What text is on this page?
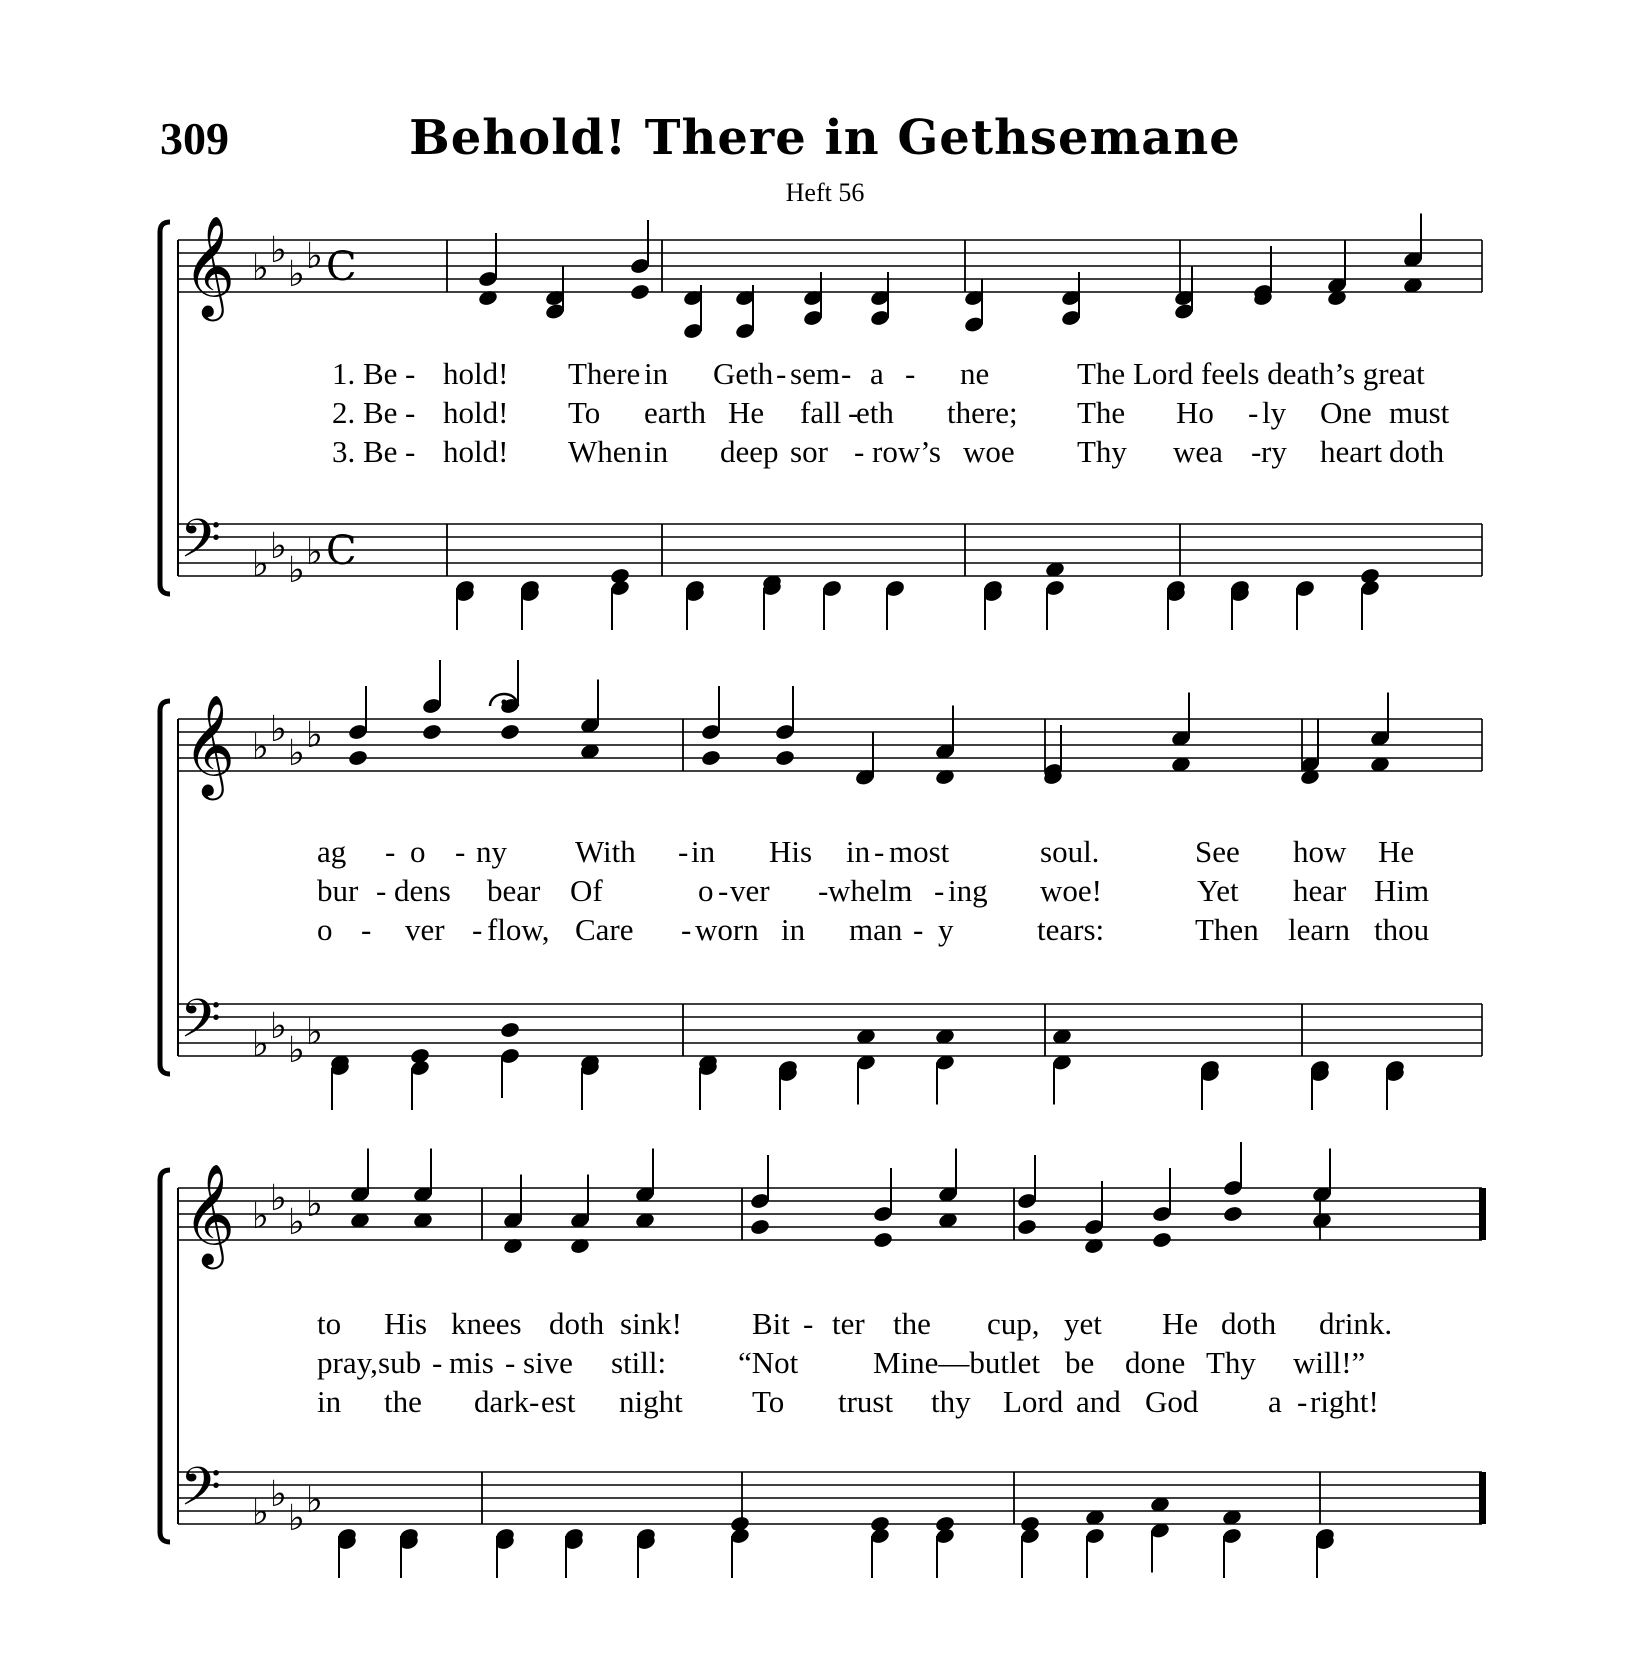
309	Behold! There in Gethsemane
Heft 56
𝄞
𝄢
♭ ♭
♭ ♭
♭ ♭
♭ ♭
C
C
𝄞
𝄢
♭ ♭
♭ ♭
♭ ♭
♭ ♭
𝄞
𝄢
♭ ♭
♭ ♭
♭ ♭
♭ ♭
1. Be - hold! There in Geth - sem - a - ne	The Lord feels death’s great
2. Be - hold! To earth He fall -
eth there; The Ho - ly One must
3. Be - hold! When in deep sor - row’s woe Thy wea - ry heart doth
ag - o - ny With - in His in - most	soul.	See how He
bur - dens bear Of	o - ver - whelm - ing woe!	Yet hear Him
o - ver - flow, Care - worn in man - y	tears:	Then learn thou
to His knees doth sink! Bit - ter the cup, yet He doth drink.
pray, sub - mis - sive still: “Not Mine—but let be done Thy will!”
in the dark - est night To trust thy Lord and God a - right!
